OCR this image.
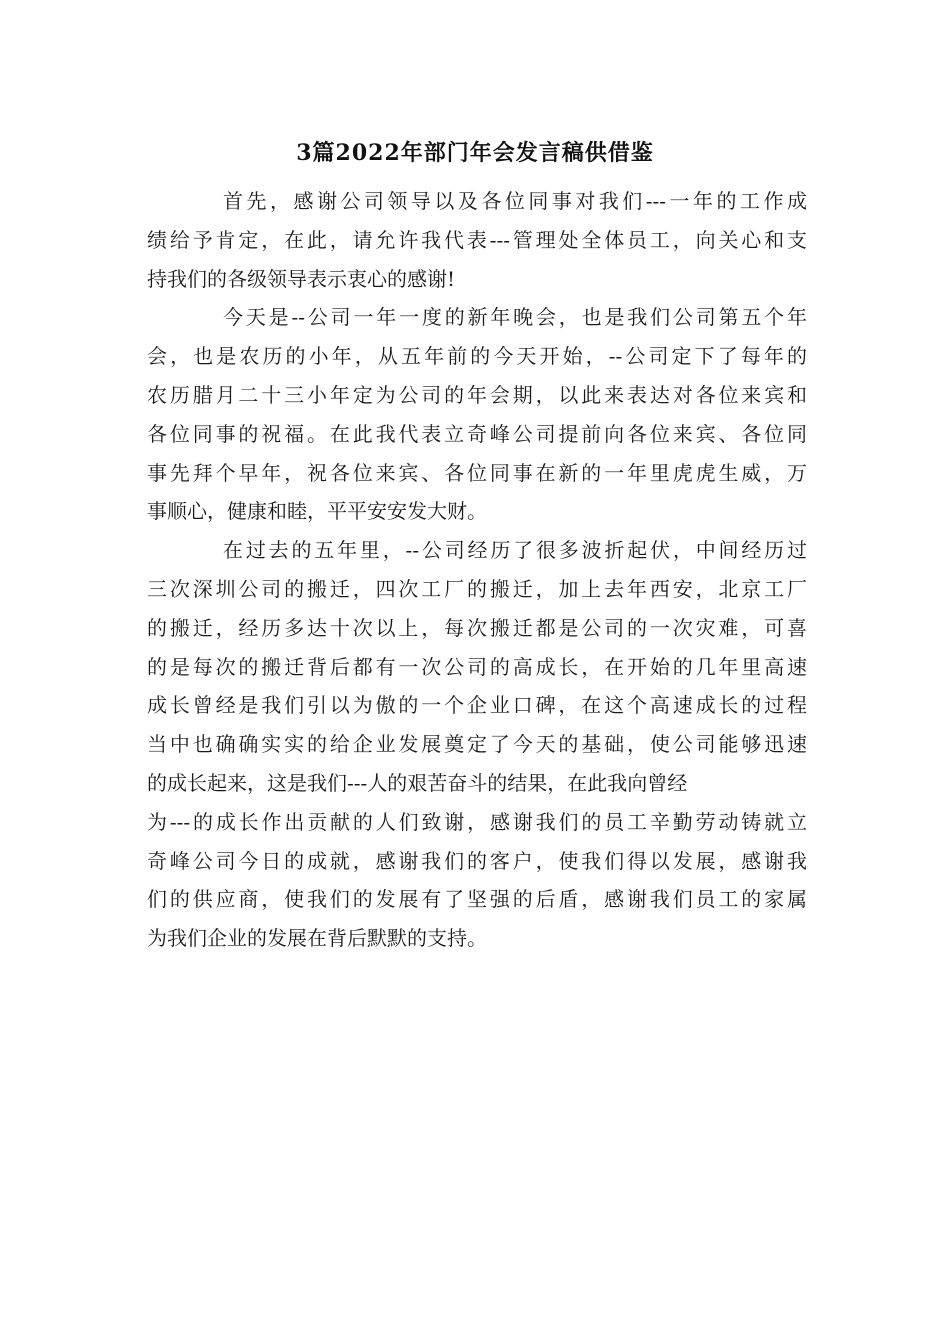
3篇2022年部门年会发言稿供借鉴
首先，感谢公司领导以及各位同事对我们---一年的工作成
绩给予肯定，在此，请允许我代表---管理处全体员工，向关心和支
持我们的各级领导表示衷心的感谢!
今天是--公司一年一度的新年晚会，也是我们公司第五个年
会，也是农历的小年，从五年前的今天开始，--公司定下了每年的
农历腊月二十三小年定为公司的年会期，以此来表达对各位来宾和
各位同事的祝福。在此我代表立奇峰公司提前向各位来宾、各位同
事先拜个早年，祝各位来宾、各位同事在新的一年里虎虎生威，万
事顺心，健康和睦，平平安安发大财。
在过去的五年里，--公司经历了很多波折起伏，中间经历过
三次深圳公司的搬迁，四次工厂的搬迁，加上去年西安，北京工厂
的搬迁，经历多达十次以上，每次搬迁都是公司的一次灾难，可喜
的是每次的搬迁背后都有一次公司的高成长，在开始的几年里高速
成长曾经是我们引以为傲的一个企业口碑，在这个高速成长的过程
当中也确确实实的给企业发展奠定了今天的基础，使公司能够迅速
的成长起来，这是我们---人的艰苦奋斗的结果，在此我向曾经
为---的成长作出贡献的人们致谢，感谢我们的员工辛勤劳动铸就立
奇峰公司今日的成就，感谢我们的客户，使我们得以发展，感谢我
们的供应商，使我们的发展有了坚强的后盾，感谢我们员工的家属
为我们企业的发展在背后默默的支持。
